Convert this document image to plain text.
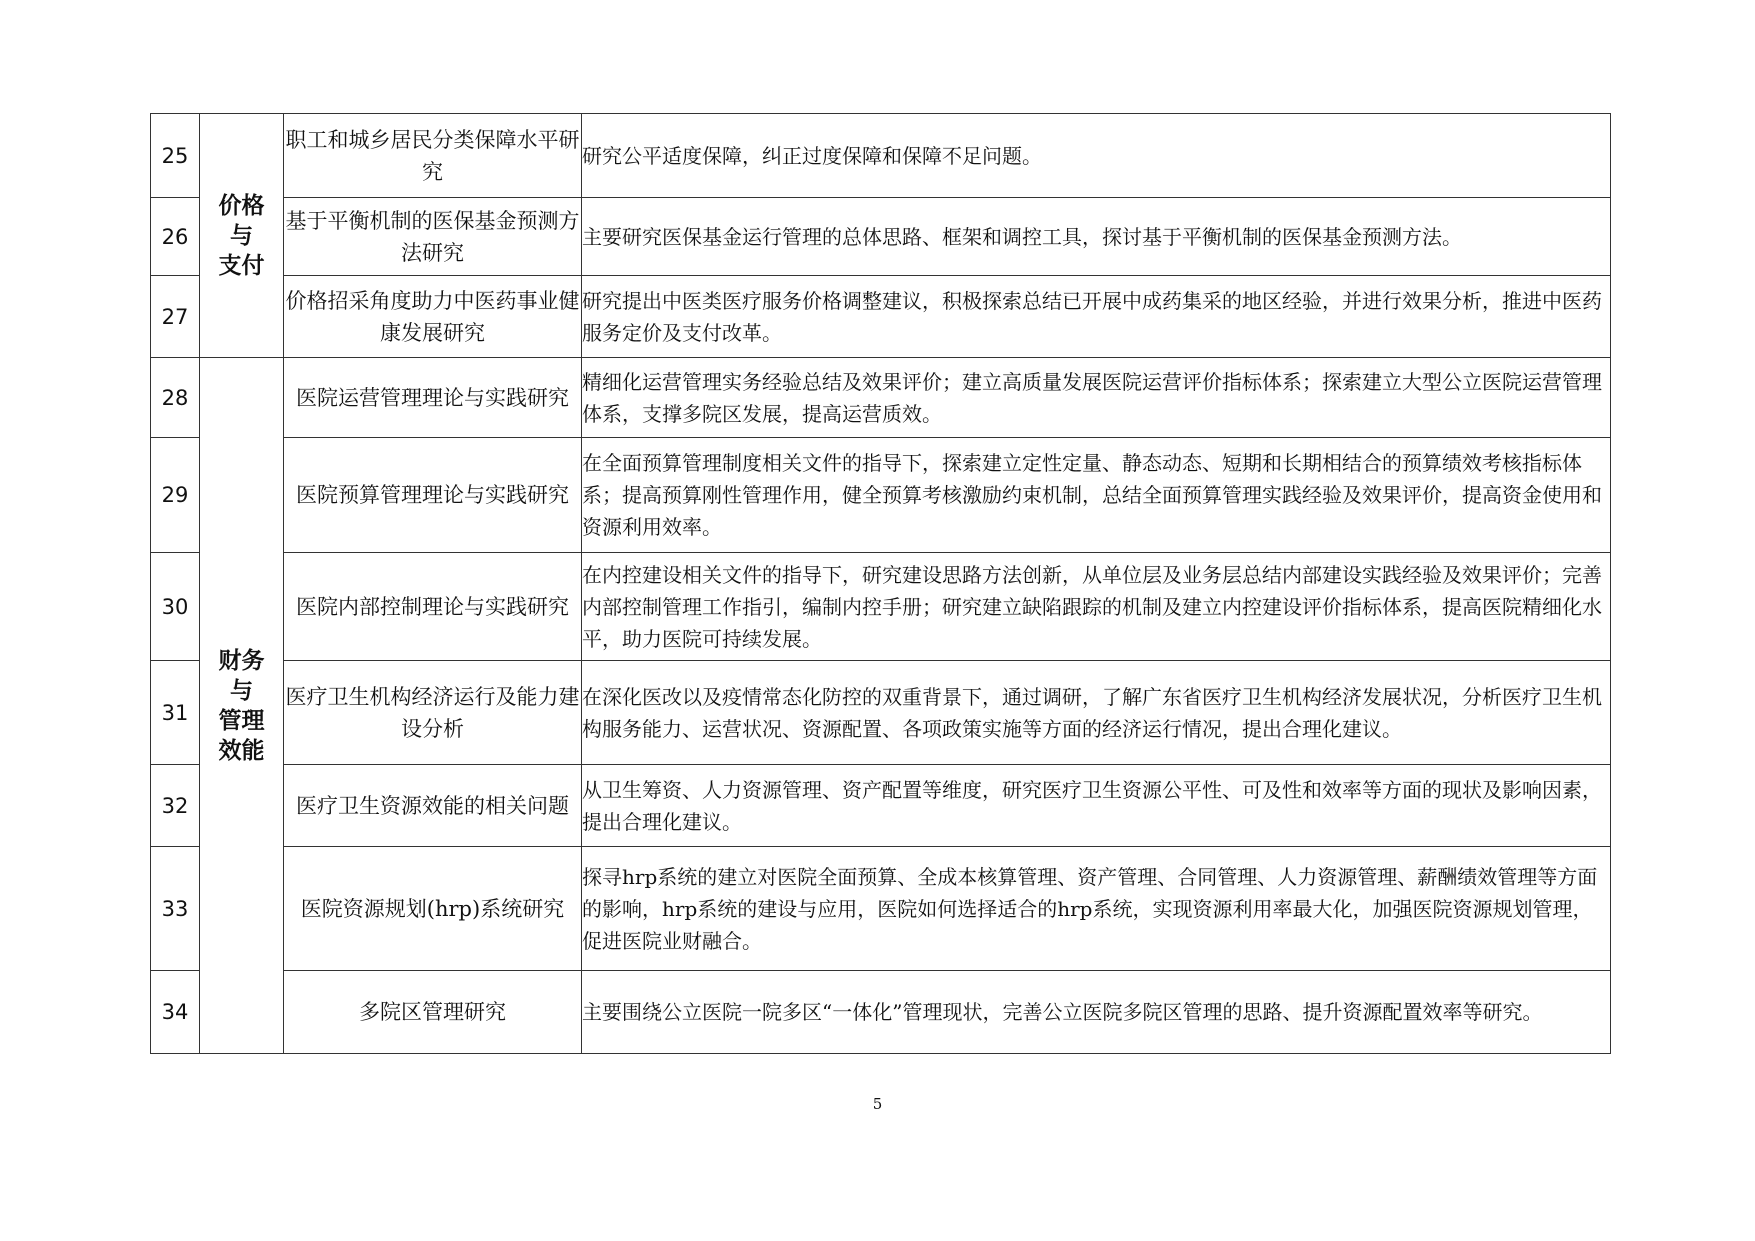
25	价格
与
支付	职工和城乡居民分类保障水平研究	研究公平适度保障，纠正过度保障和保障不足问题。
26		基于平衡机制的医保基金预测方法研究	主要研究医保基金运行管理的总体思路、框架和调控工具，探讨基于平衡机制的医保基金预测方法。
27		价格招采角度助力中医药事业健康发展研究	研究提出中医类医疗服务价格调整建议，积极探索总结已开展中成药集采的地区经验，并进行效果分析，推进中医药服务定价及支付改革。
28	财务
与
管理
效能	医院运营管理理论与实践研究	精细化运营管理实务经验总结及效果评价；建立高质量发展医院运营评价指标体系；探索建立大型公立医院运营管理体系，支撑多院区发展，提高运营质效。
29		医院预算管理理论与实践研究	在全面预算管理制度相关文件的指导下，探索建立定性定量、静态动态、短期和长期相结合的预算绩效考核指标体系；提高预算刚性管理作用，健全预算考核激励约束机制，总结全面预算管理实践经验及效果评价，提高资金使用和资源利用效率。
30		医院内部控制理论与实践研究	在内控建设相关文件的指导下，研究建设思路方法创新，从单位层及业务层总结内部建设实践经验及效果评价；完善内部控制管理工作指引，编制内控手册；研究建立缺陷跟踪的机制及建立内控建设评价指标体系，提高医院精细化水平，助力医院可持续发展。
31		医疗卫生机构经济运行及能力建设分析	在深化医改以及疫情常态化防控的双重背景下，通过调研，了解广东省医疗卫生机构经济发展状况，分析医疗卫生机构服务能力、运营状况、资源配置、各项政策实施等方面的经济运行情况，提出合理化建议。
32		医疗卫生资源效能的相关问题	从卫生筹资、人力资源管理、资产配置等维度，研究医疗卫生资源公平性、可及性和效率等方面的现状及影响因素，提出合理化建议。
33		医院资源规划(hrp)系统研究	探寻hrp系统的建立对医院全面预算、全成本核算管理、资产管理、合同管理、人力资源管理、薪酬绩效管理等方面的影响，hrp系统的建设与应用，医院如何选择适合的hrp系统，实现资源利用率最大化，加强医院资源规划管理，促进医院业财融合。
34		多院区管理研究	主要围绕公立医院一院多区“一体化”管理现状，完善公立医院多院区管理的思路、提升资源配置效率等研究。
5
